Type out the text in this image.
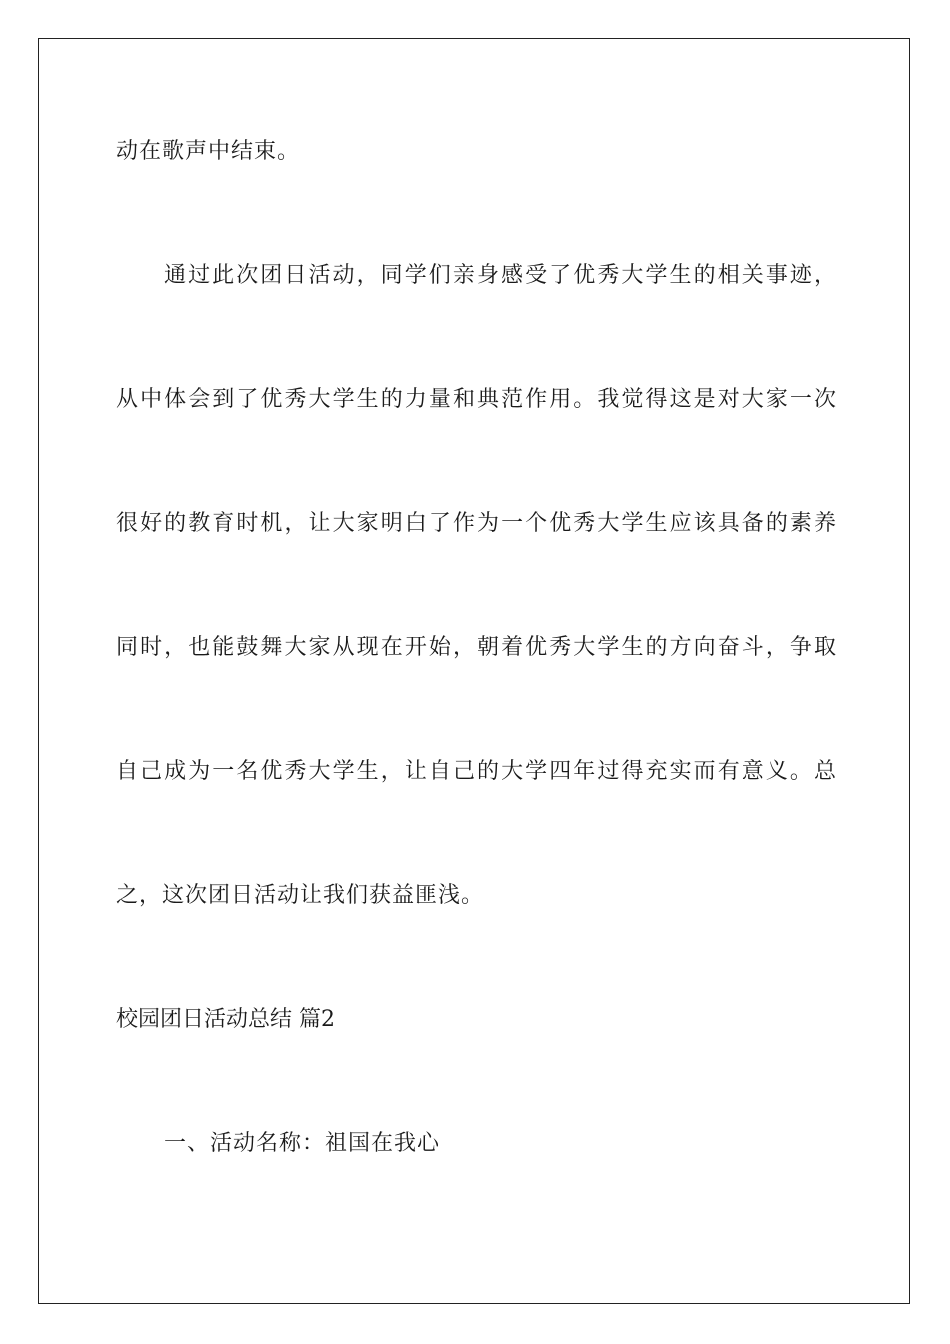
动在歌声中结束。
通过此次团日活动，同学们亲身感受了优秀大学生的相关事迹，
从中体会到了优秀大学生的力量和典范作用。我觉得这是对大家一次
很好的教育时机，让大家明白了作为一个优秀大学生应该具备的素养
同时，也能鼓舞大家从现在开始，朝着优秀大学生的方向奋斗，争取
自己成为一名优秀大学生，让自己的大学四年过得充实而有意义。总
之，这次团日活动让我们获益匪浅。
校园团日活动总结 篇2
一、活动名称：祖国在我心
